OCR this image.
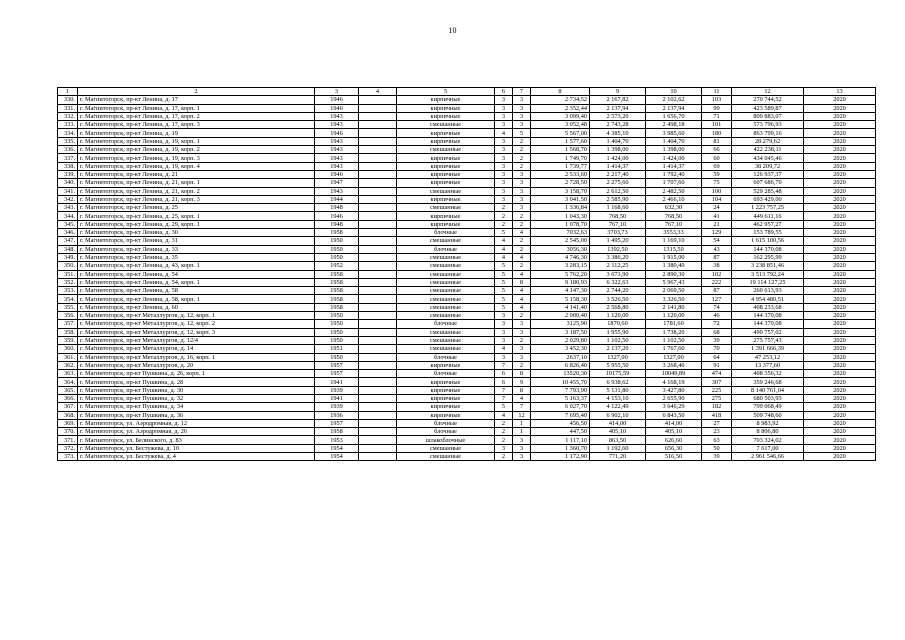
10
1	2	3	4	5	6	7	8	9	10	11	12	13
330.	г. Магнитогорск, пр-кт Ленина, д. 17	1946		кирпичные	3	3	2 734,52	2 167,82	2 102,62	103	270 744,52	2020
331.	г. Магнитогорск, пр-кт Ленина, д. 17, корп. 1	1946		кирпичные	3	3	2 352,44	2 137,94	2 137,94	99	423 589,87	2020
332.	г. Магнитогорск, пр-кт Ленина, д. 17, корп. 2	1943		кирпичные	3	3	3 099,40	2 573,20	1 656,70	71	809 883,07	2020
333.	г. Магнитогорск, пр-кт Ленина, д. 17, корп. 3	1943		смешанные	3	3	3 052,48	2 743,28	2 498,18	101	573 796,93	2020
334.	г. Магнитогорск, пр-кт Ленина, д. 19	1946		кирпичные	4	5	5 567,00	4 385,10	3 985,60	180	863 799,16	2020
335.	г. Магнитогорск, пр-кт Ленина, д. 19, корп. 1	1943		кирпичные	3	2	1 577,60	1 404,70	1 404,70	81	28 279,62	2020
336.	г. Магнитогорск, пр-кт Ленина, д. 19, корп. 2	1943		смешанные	3	2	1 568,70	1 398,00	1 398,00	66	422 238,11	2020
337.	г. Магнитогорск, пр-кт Ленина, д. 19, корп. 3	1943		кирпичные	3	2	1 749,70	1 424,00	1 424,00	60	434 045,46	2020
338.	г. Магнитогорск, пр-кт Ленина, д. 19, корп. 4	1943		кирпичные	3	2	1 739,77	1 414,37	1 414,37	69	38 209,72	2020
339.	г. Магнитогорск, пр-кт Ленина, д. 21	1946		кирпичные	3	3	2 533,60	2 217,40	1 792,40	59	126 937,37	2020
340.	г. Магнитогорск, пр-кт Ленина, д. 21, корп. 1	1947		кирпичные	3	3	2 728,50	2 275,60	1 707,60	75	607 686,70	2020
341.	г. Магнитогорск, пр-кт Ленина, д. 21, корп. 2	1943		смешанные	3	3	3 158,70	2 612,50	2 482,50	100	529 285,48	2020
342.	г. Магнитогорск, пр-кт Ленина, д. 21, корп. 3	1944		кирпичные	3	3	3 041,50	2 585,90	2 466,10	104	693 429,00	2020
343.	г. Магнитогорск, пр-кт Ленина, д. 25	1948		смешанные	2	3	1 336,84	1 168,60	632,30	24	1 223 757,25	2020
344.	г. Магнитогорск, пр-кт Ленина, д. 25, корп. 1	1946		кирпичные	2	2	1 043,30	768,50	768,50	41	449 611,16	2020
345.	г. Магнитогорск, пр-кт Ленина, д. 29, корп. 1	1948		кирпичные	2	2	1 078,70	767,10	767,10	21	462 957,27	2020
346.	г. Магнитогорск, пр-кт Ленина, д. 30	1958		блочные	5	4	7032,63	3703,73	3553,33	129	153 789,55	2020
347.	г. Магнитогорск, пр-кт Ленина, д. 31	1950		смешанные	4	2	2 545,00	1 495,20	1 169,10	54	1 615 100,56	2020
348.	г. Магнитогорск, пр-кт Ленина, д. 33	1950		блочные	4	2	3056,30	1392,50	1315,50	43	144 370,08	2020
349.	г. Магнитогорск, пр-кт Ленина, д. 35	1950		смешанные	4	4	4 746,30	3 386,20	1 915,00	87	162 295,99	2020
350.	г. Магнитогорск, пр-кт Ленина, д. 43, корп. 1	1952		смешанные	5	2	3 283,15	2 112,25	1 380,40	38	3 238 851,46	2020
351.	г. Магнитогорск, пр-кт Ленина, д. 54	1958		смешанные	5	4	5 762,20	3 673,90	2 890,30	102	3 513 792,24	2020
352.	г. Магнитогорск, пр-кт Ленина, д. 54, корп. 1	1958		смешанные	5	8	9 180,93	6 322,63	5 967,43	222	19 114 127,25	2020
353.	г. Магнитогорск, пр-кт Ленина, д. 58	1958		смешанные	5	4	4 147,30	2 744,20	2 069,50	87	260 613,93	2020
354.	г. Магнитогорск, пр-кт Ленина, д. 58, корп. 1	1958		смешанные	5	4	5 158,30	3 526,50	3 326,50	127	4 954 480,51	2020
355.	г. Магнитогорск, пр-кт Ленина, д. 60	1958		смешанные	5	4	4 141,40	2 568,80	2 141,80	74	408 233,68	2020
356.	г. Магнитогорск, пр-кт Металлургов, д. 12, корп. 1	1950		смешанные	3	2	2 000,40	1 120,00	1 120,00	46	144 370,08	2020
357.	г. Магнитогорск, пр-кт Металлургов, д. 12, корп. 2	1950		блочные	3	3	3125,90	1870,60	1781,60	72	144 370,08	2020
358.	г. Магнитогорск, пр-кт Металлургов, д. 12, корп. 3	1950		смешанные	3	3	3 187,50	1 955,90	1 738,20	68	490 757,02	2020
359.	г. Магнитогорск, пр-кт Металлургов, д. 12/4	1950		смешанные	3	2	2 029,80	1 102,50	1 102,50	39	275 757,43	2020
360.	г. Магнитогорск, пр-кт Металлургов, д. 14	1951		смешанные	4	3	3 452,30	2 137,20	1 767,60	70	1 391 666,39	2020
361.	г. Магнитогорск, пр-кт Металлургов, д. 16, корп. 1	1950		блочные	3	3	2637,10	1327,00	1327,00	64	47 253,12	2020
362.	г. Магнитогорск, пр-кт Металлургов, д. 20	1957		кирпичные	7	2	6 826,40	5 955,50	3 268,40	91	13 377,60	2020
363.	г. Магнитогорск, пр-кт Пушкина, д. 26, корп. 1	1957		блочные	6	8	13520,30	10175,59	10049,89	474	408 356,32	2020
364.	г. Магнитогорск, пр-кт Пушкина, д. 28	1941		кирпичные	6	9	10 455,70	6 938,62	4 168,19	307	359 246,68	2020
365.	г. Магнитогорск, пр-кт Пушкина, д. 30	1939		кирпичные	7	8	7 793,90	5 131,80	3 427,80	225	8 140 761,04	2020
366.	г. Магнитогорск, пр-кт Пушкина, д. 32	1941		кирпичные	7	4	5 163,37	4 153,10	2 655,90	275	680 503,93	2020
367.	г. Магнитогорск, пр-кт Пушкина, д. 34	1939		кирпичные	5	7	6 027,70	4 122,49	3 646,29	182	799 068,49	2020
368.	г. Магнитогорск, пр-кт Пушкина, д. 36	1936		кирпичные	4	12	7 695,40	6 902,10	6 843,50	418	509 748,60	2020
369.	г. Магнитогорск, ул. Аэродромная, д. 12	1957		блочные	2	1	456,50	414,00	414,00	27	8 983,92	2020
370.	г. Магнитогорск, ул. Аэродромная, д. 26	1958		блочные	2	1	447,50	405,10	405,10	23	8 806,80	2020
371.	г. Магнитогорск, ул. Белинского, д. 83	1953		шлакоблочные	2	3	1 117,10	863,50	626,60	63	703 324,02	2020
372.	г. Магнитогорск, ул. Бестужева, д. 10	1954		смешанные	3	3	1 360,70	1 192,60	656,30	50	7 617,00	2020
373.	г. Магнитогорск, ул. Бестужева, д. 4	1954		смешанные	2	3	1 172,90	771,20	516,50	39	2 961 546,66	2020
